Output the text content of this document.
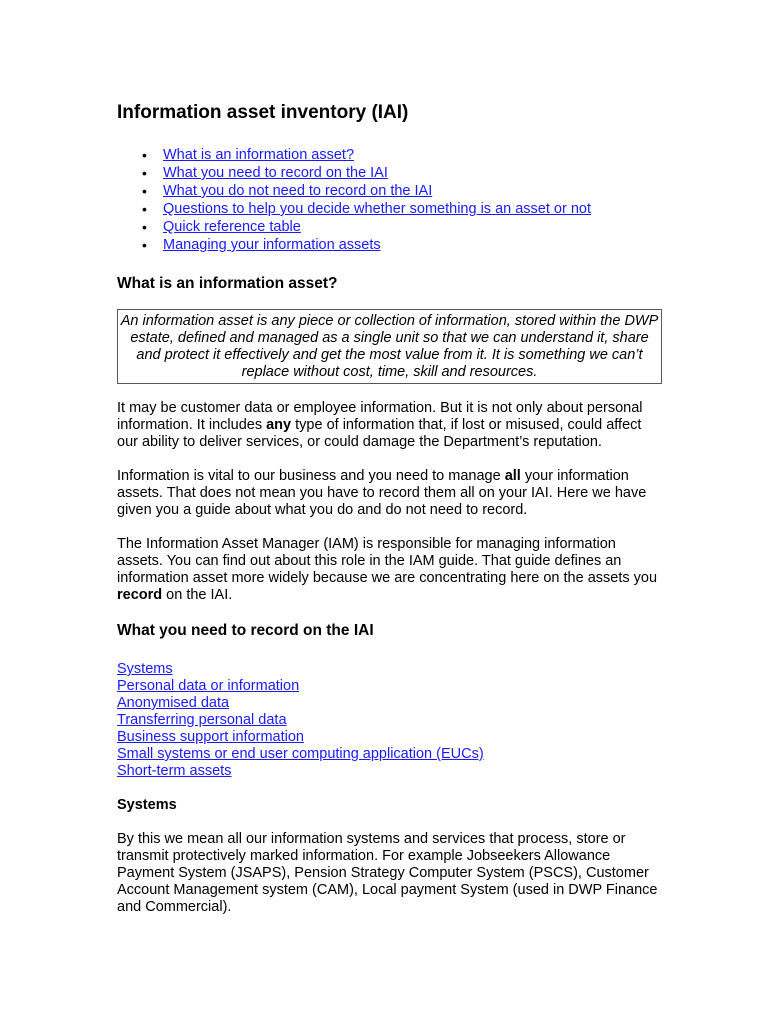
Information asset inventory (IAI)
• What is an information asset?
• What you need to record on the IAI
• What you do not need to record on the IAI
• Questions to help you decide whether something is an asset or not
• Quick reference table
• Managing your information assets
What is an information asset?
An information asset is any piece or collection of information, stored within the DWP estate, defined and managed as a single unit so that we can understand it, share and protect it effectively and get the most value from it. It is something we can’t replace without cost, time, skill and resources.

It may be customer data or employee information. But it is not only about personal information. It includes any type of information that, if lost or misused, could affect our ability to deliver services, or could damage the Department’s reputation.

Information is vital to our business and you need to manage all your information assets. That does not mean you have to record them all on your IAI. Here we have given you a guide about what you do and do not need to record.

The Information Asset Manager (IAM) is responsible for managing information assets. You can find out about this role in the IAM guide. That guide defines an information asset more widely because we are concentrating here on the assets you record on the IAI.

What you need to record on the IAI
Systems
Personal data or information
Anonymised data
Transferring personal data
Business support information
Small systems or end user computing application (EUCs)
Short-term assets
Systems

By this we mean all our information systems and services that process, store or transmit protectively marked information. For example Jobseekers Allowance Payment System (JSAPS), Pension Strategy Computer System (PSCS), Customer Account Management system (CAM), Local payment System (used in DWP Finance and Commercial).
